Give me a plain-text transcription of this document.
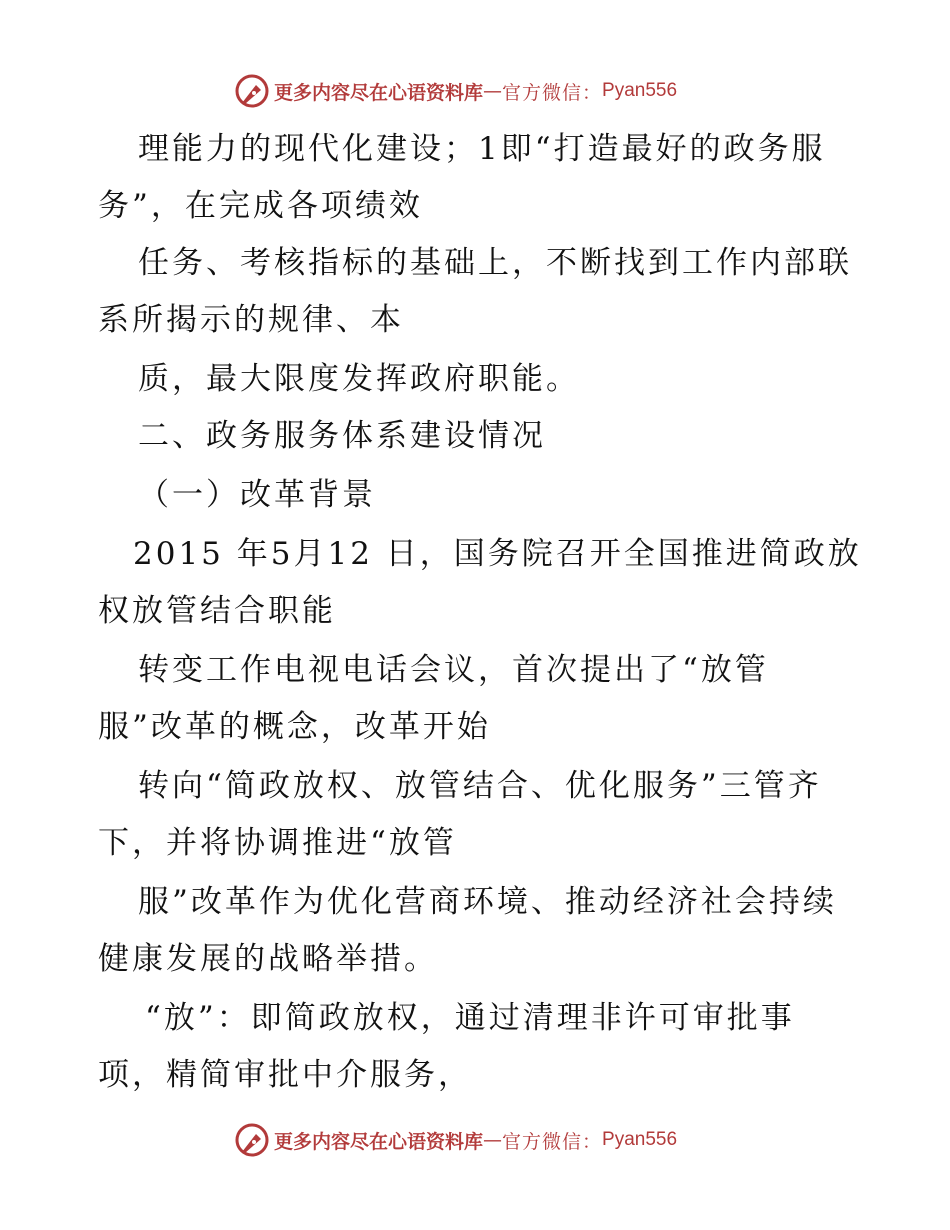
更多内容尽在心语资料库 — 官方微信： Pyan556

理能力的现代化建设；1即“打造最好的政务服

务”，在完成各项绩效

任务、考核指标的基础上，不断找到工作内部联

系所揭示的规律、本

质，最大限度发挥政府职能。

二、政务服务体系建设情况

（一）改革背景

2015 年5月12 日，国务院召开全国推进简政放

权放管结合职能

转变工作电视电话会议，首次提出了“放管

服”改革的概念，改革开始

转向“简政放权、放管结合、优化服务”三管齐

下，并将协调推进“放管

服”改革作为优化营商环境、推动经济社会持续

健康发展的战略举措。

“放”：即简政放权，通过清理非许可审批事

项，精简审批中介服务，

更多内容尽在心语资料库 — 官方微信： Pyan556
